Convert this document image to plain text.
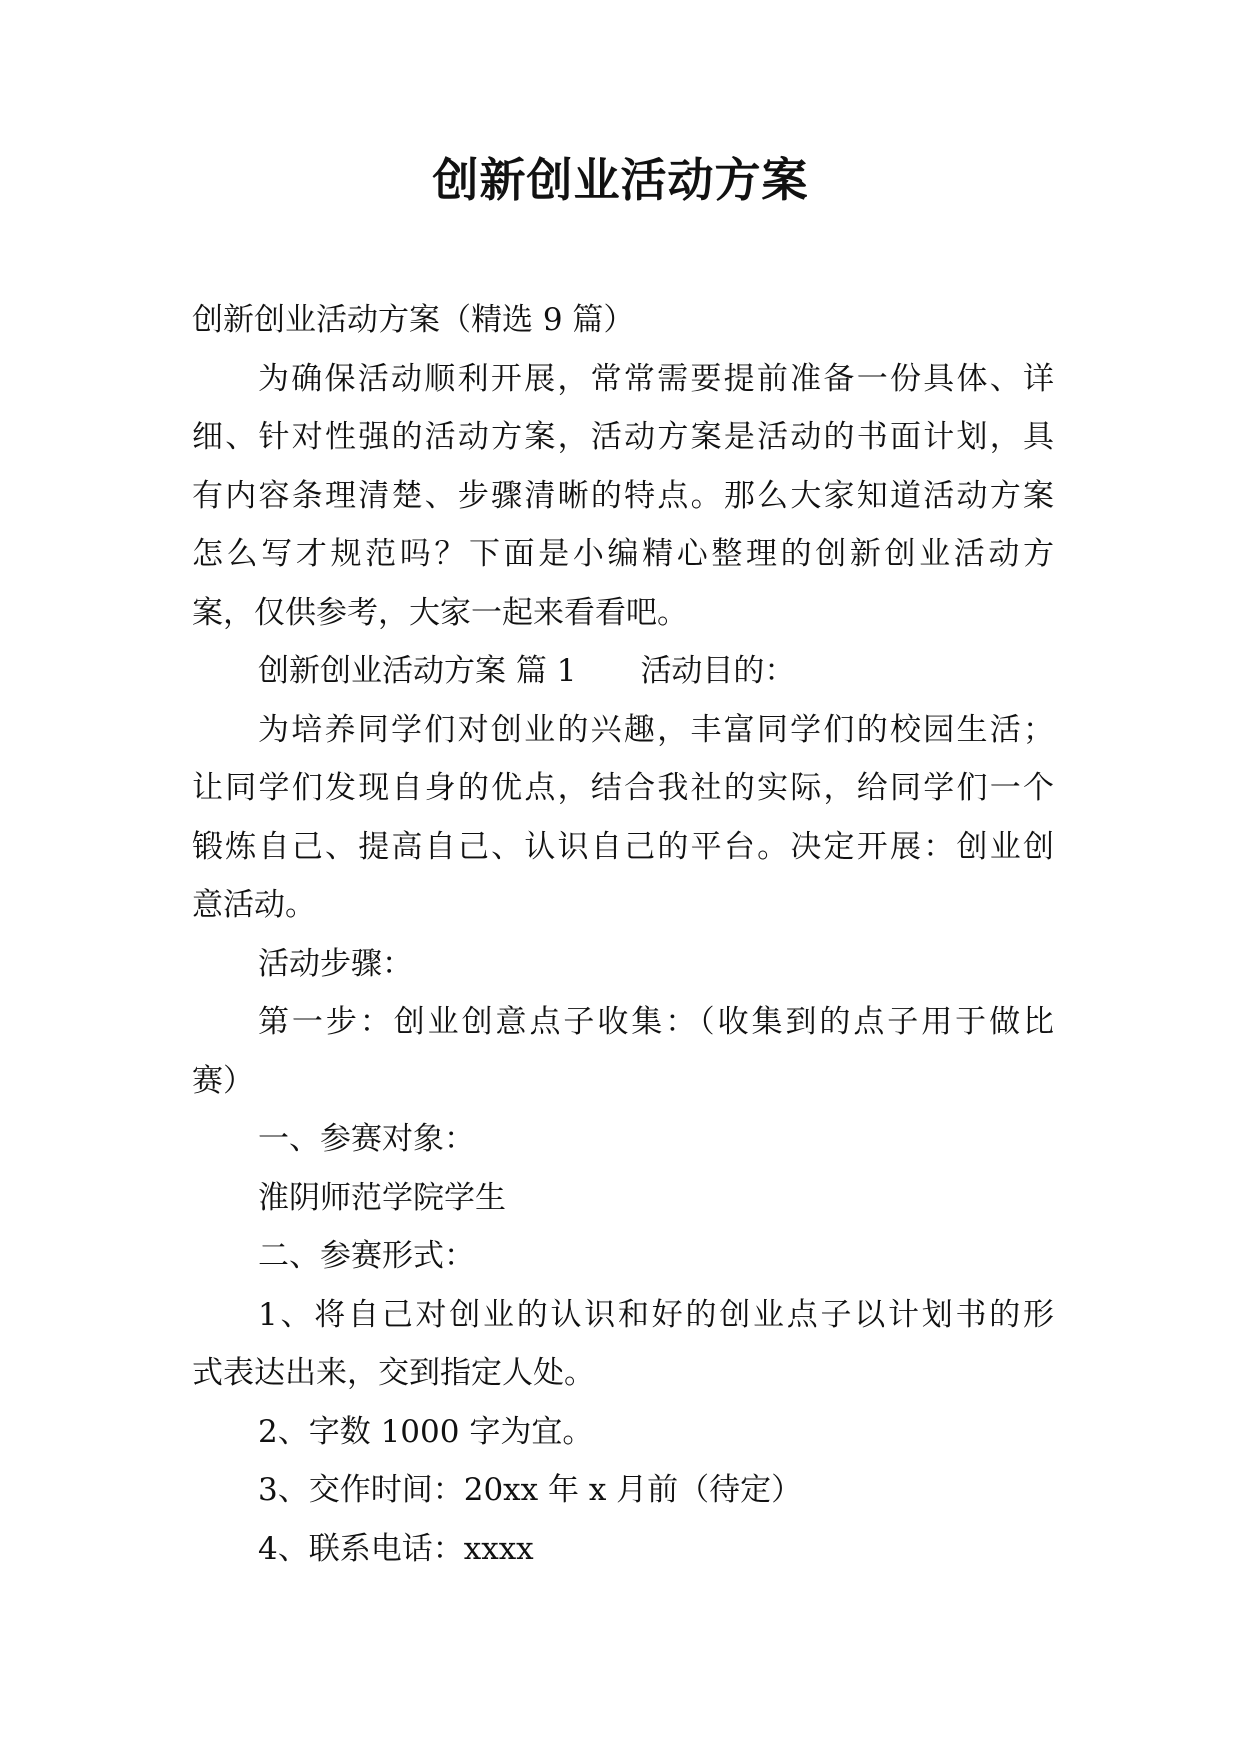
创新创业活动方案
创新创业活动方案（精选 9 篇）
为确保活动顺利开展，常常需要提前准备一份具体、详
细、针对性强的活动方案，活动方案是活动的书面计划，具
有内容条理清楚、步骤清晰的特点。那么大家知道活动方案
怎么写才规范吗？下面是小编精心整理的创新创业活动方
案，仅供参考，大家一起来看看吧。
创新创业活动方案 篇 1 活动目的：
为培养同学们对创业的兴趣，丰富同学们的校园生活；
让同学们发现自身的优点，结合我社的实际，给同学们一个
锻炼自己、提高自己、认识自己的平台。决定开展：创业创
意活动。
活动步骤：
第一步：创业创意点子收集：（收集到的点子用于做比
赛）
一、参赛对象：
淮阴师范学院学生
二、参赛形式：
1、将自己对创业的认识和好的创业点子以计划书的形
式表达出来，交到指定人处。
2、字数 1000 字为宜。
3、交作时间：20xx 年 x 月前（待定）
4、联系电话：xxxx
